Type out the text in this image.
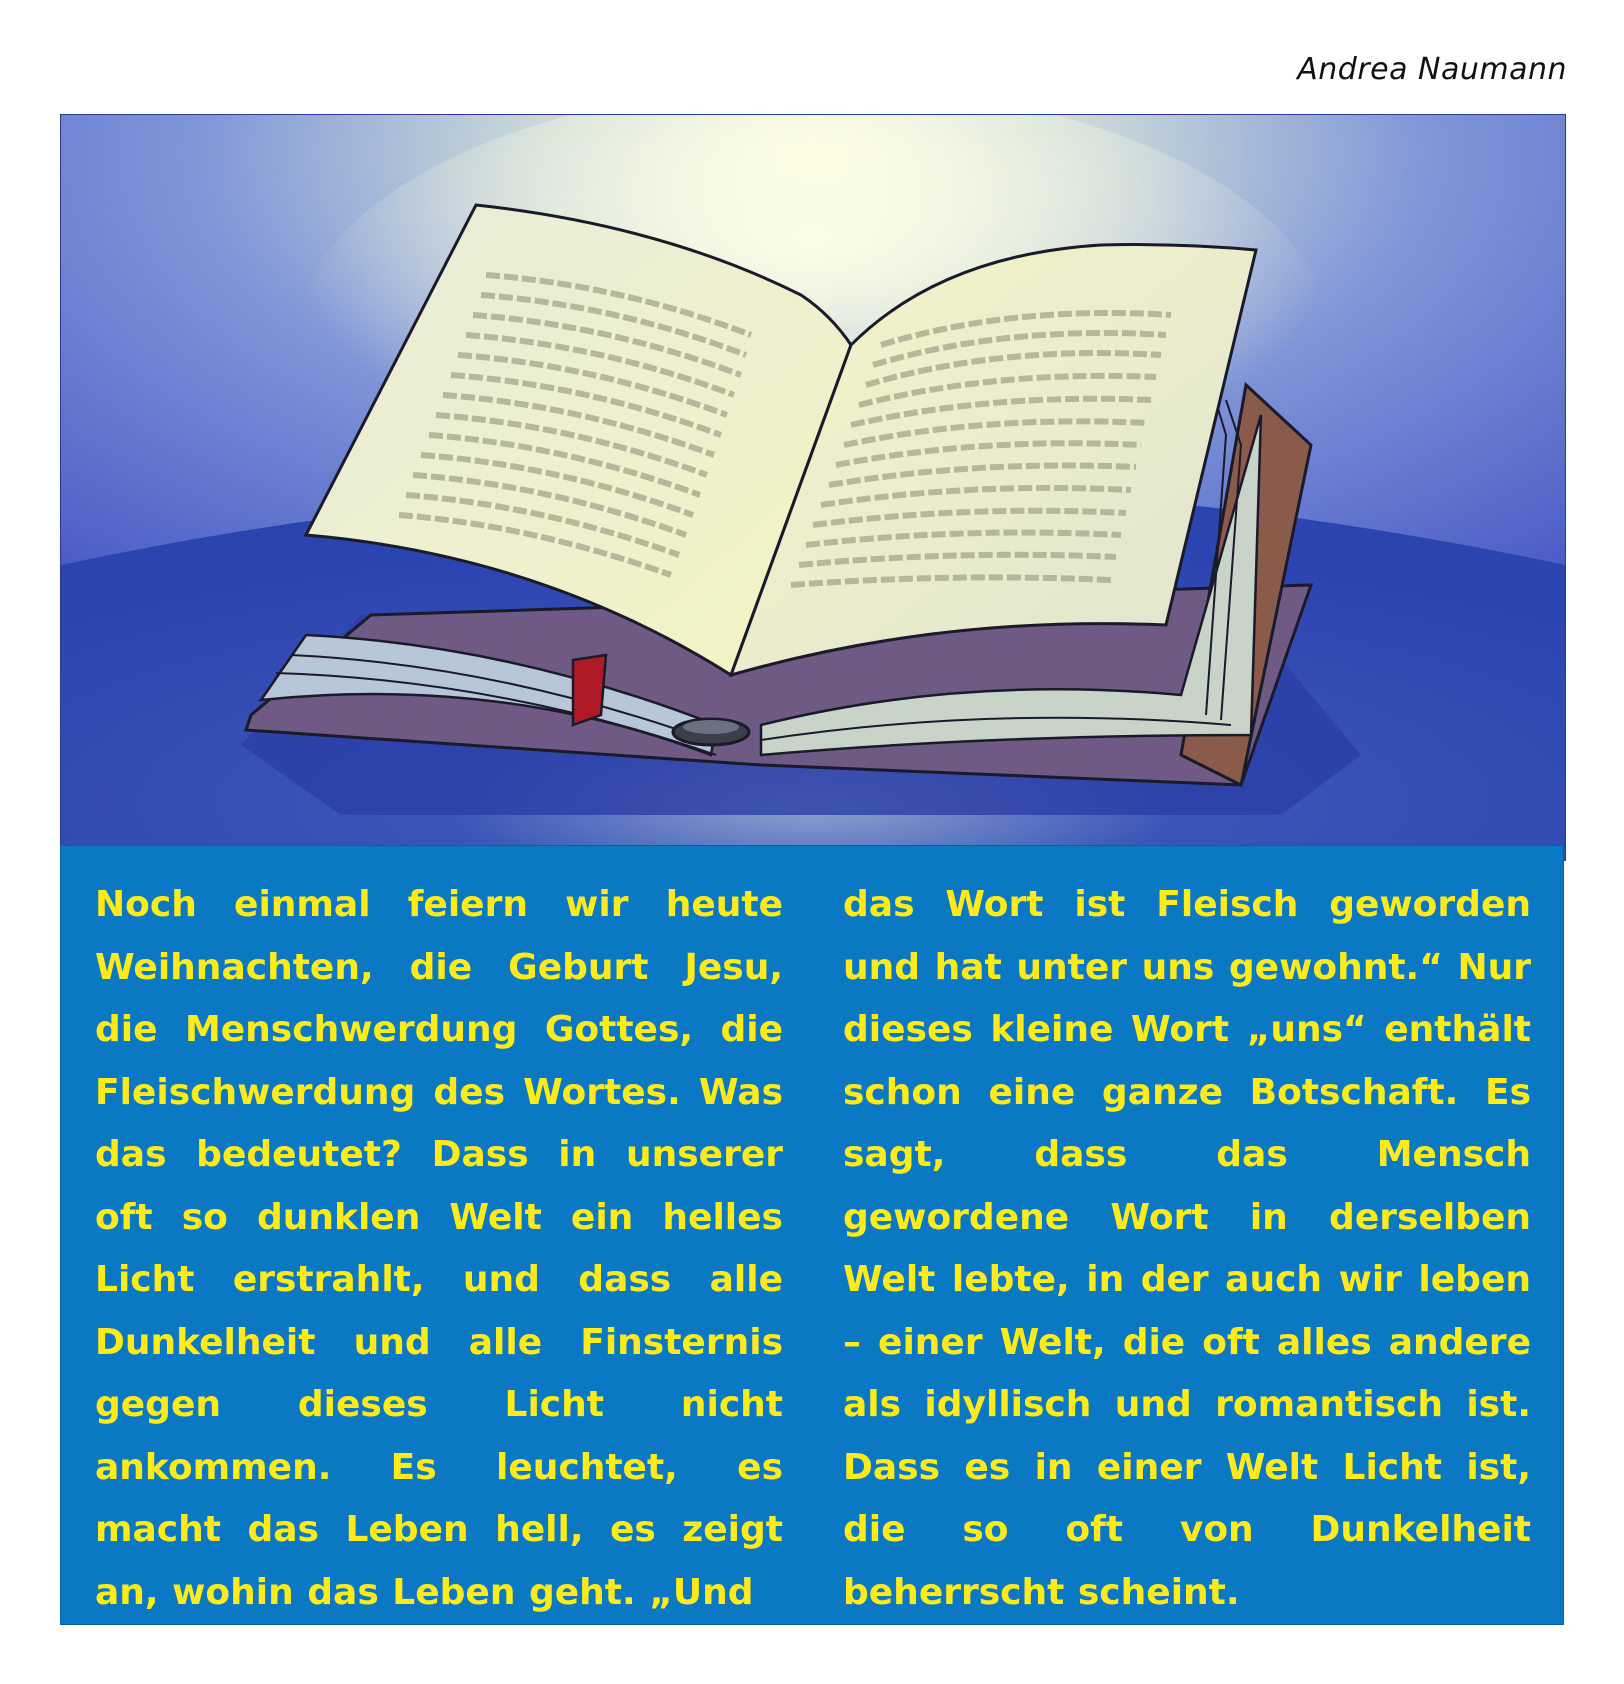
Andrea Naumann

Noch einmal feiern wir heute Weihnachten, die Geburt Jesu, die Menschwerdung Gottes, die Fleischwerdung des Wortes. Was das bedeutet? Dass in unserer oft so dunklen Welt ein helles Licht erstrahlt, und dass alle Dunkelheit und alle Finsternis gegen dieses Licht nicht ankommen. Es leuchtet, es macht das Leben hell, es zeigt an, wohin das Leben geht. „Und

das Wort ist Fleisch geworden und hat unter uns gewohnt.“ Nur dieses kleine Wort „uns“ enthält schon eine ganze Botschaft. Es sagt, dass das Mensch gewordene Wort in derselben Welt lebte, in der auch wir leben – einer Welt, die oft alles andere als idyllisch und romantisch ist. Dass es in einer Welt Licht ist, die so oft von Dunkelheit beherrscht scheint.
